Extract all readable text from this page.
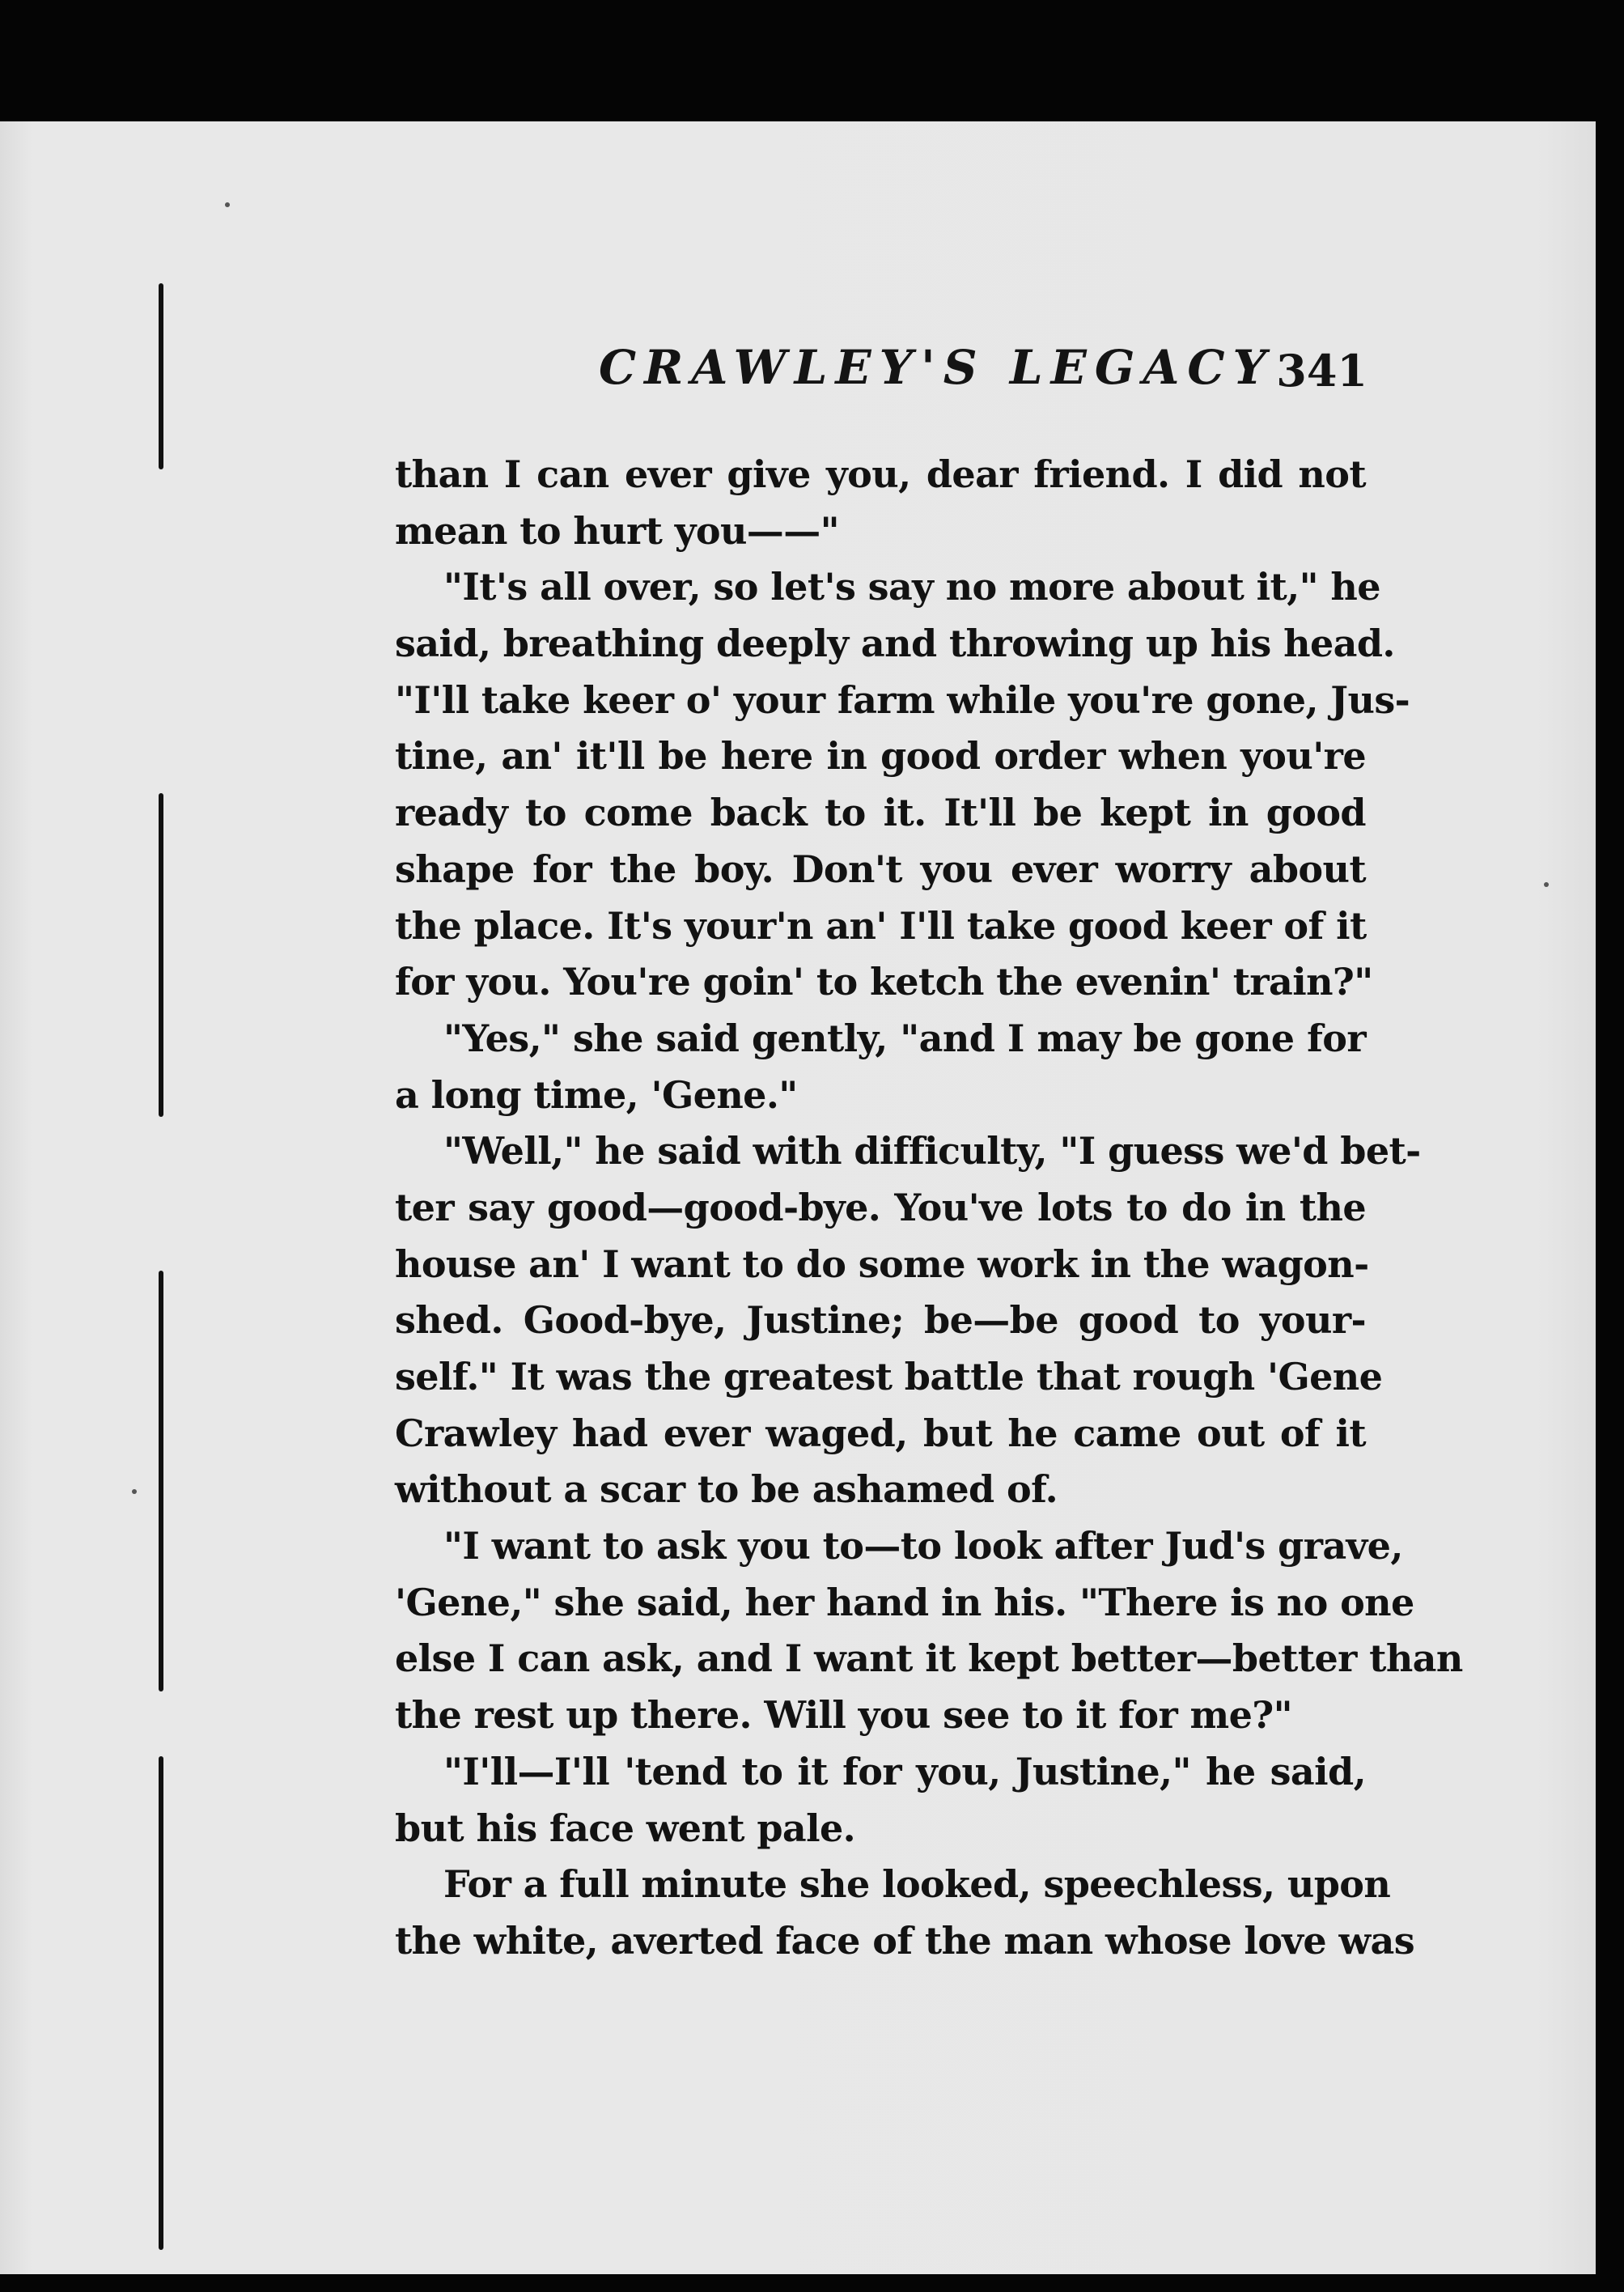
CRAWLEY'S LEGACY 341
than I can ever give you, dear friend. I did not
mean to hurt you——"
"It's all over, so let's say no more about it," he
said, breathing deeply and throwing up his head.
"I'll take keer o' your farm while you're gone, Jus-
tine, an' it'll be here in good order when you're
ready to come back to it. It'll be kept in good
shape for the boy. Don't you ever worry about
the place. It's your'n an' I'll take good keer of it
for you. You're goin' to ketch the evenin' train?"
"Yes," she said gently, "and I may be gone for
a long time, 'Gene."
"Well," he said with difficulty, "I guess we'd bet-
ter say good—good-bye. You've lots to do in the
house an' I want to do some work in the wagon-
shed. Good-bye, Justine; be—be good to your-
self." It was the greatest battle that rough 'Gene
Crawley had ever waged, but he came out of it
without a scar to be ashamed of.
"I want to ask you to—to look after Jud's grave,
'Gene," she said, her hand in his. "There is no one
else I can ask, and I want it kept better—better than
the rest up there. Will you see to it for me?"
"I'll—I'll 'tend to it for you, Justine," he said,
but his face went pale.
For a full minute she looked, speechless, upon
the white, averted face of the man whose love was
